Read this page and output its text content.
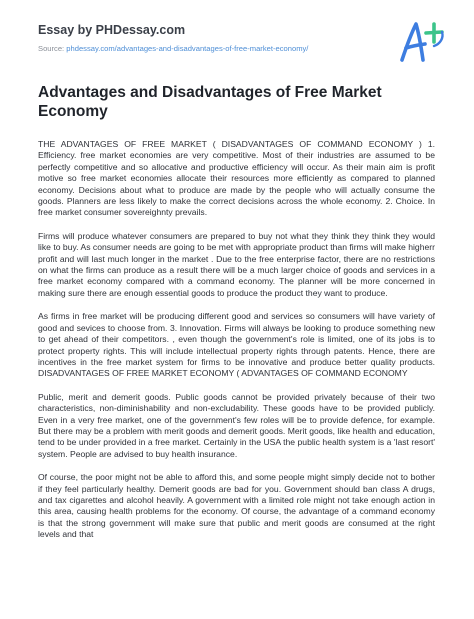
Essay by PHDessay.com
Source: phdessay.com/advantages-and-disadvantages-of-free-market-economy/
Advantages and Disadvantages of Free Market Economy

THE ADVANTAGES OF FREE MARKET ( DISADVANTAGES OF COMMAND ECONOMY ) 1. Efficiency. free market economies are very competitive. Most of their industries are assumed to be perfectly competitive and so allocative and productive efficiency will occur. As their main aim is profit motive so free market economies allocate their resources more efficiently as compared to planned economy. Decisions about what to produce are made by the people who will actually consume the goods. Planners are less likely to make the correct decisions across the whole economy. 2. Choice. In free market consumer sovereighnty prevails.

Firms will produce whatever consumers are prepared to buy not what they think they think they would like to buy. As consumer needs are going to be met with appropriate product than firms will make higherr profit and will last much longer in the market . Due to the free enterprise factor, there are no restrictions on what the firms can produce as a result there will be a much larger choice of goods and services in a free market economy compared with a command economy. The planner will be more concerned in making sure there are enough essential goods to produce the product they want to produce.

As firms in free market will be producing different good and services so consumers will have variety of good and sevices to choose from. 3. Innovation. Firms will always be looking to produce something new to get ahead of their competitors. , even though the government's role is limited, one of its jobs is to protect property rights. This will include intellectual property rights through patents. Hence, there are incentives in the free market system for firms to be innovative and produce better quality products. DISADVANTAGES OF FREE MARKET ECONOMY ( ADVANTAGES OF COMMAND ECONOMY

Public, merit and demerit goods. Public goods cannot be provided privately because of their two characteristics, non-diminishability and non-excludability. These goods have to be provided publicly. Even in a very free market, one of the government's few roles will be to provide defence, for example. But there may be a problem with merit goods and demerit goods. Merit goods, like health and education, tend to be under provided in a free market. Certainly in the USA the public health system is a 'last resort' system. People are advised to buy health insurance.

Of course, the poor might not be able to afford this, and some people might simply decide not to bother if they feel particularly healthy. Demerit goods are bad for you. Government should ban class A drugs, and tax cigarettes and alcohol heavily. A government with a limited role might not take enough action in this area, causing health problems for the economy. Of course, the advantage of a command economy is that the strong government will make sure that public and merit goods are consumed at the right levels and that
